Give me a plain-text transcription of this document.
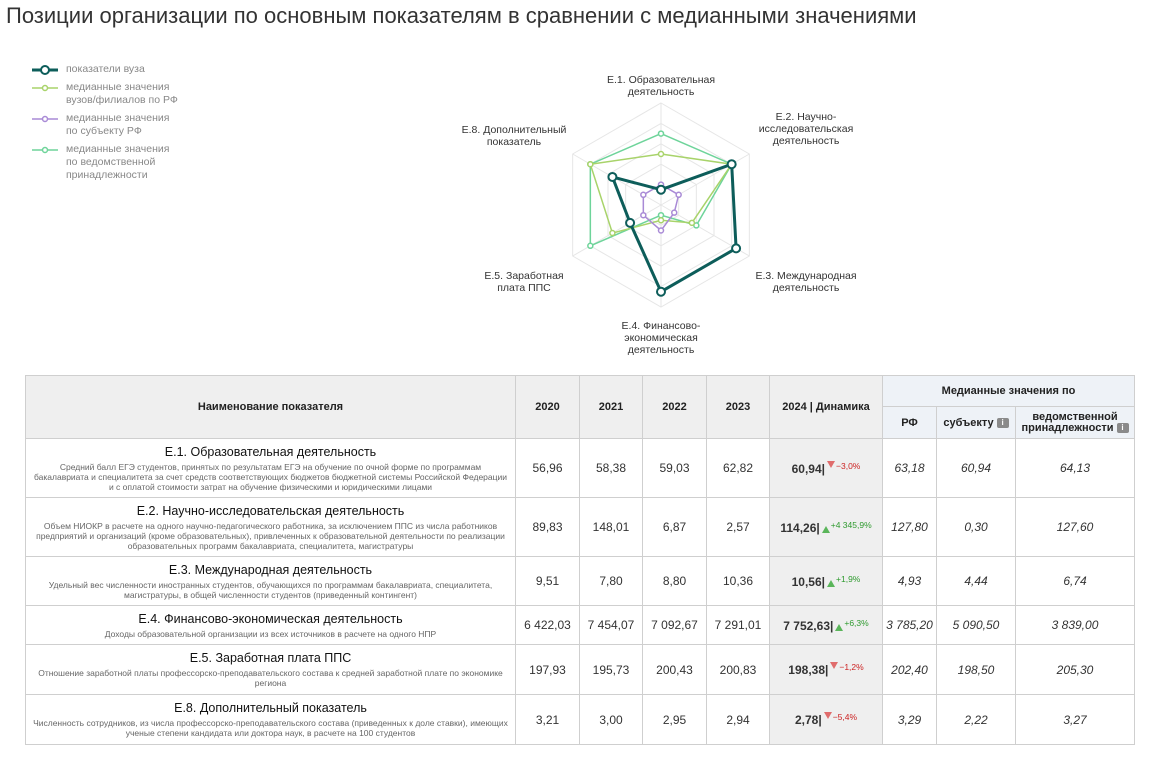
Позиции организации по основным показателям в сравнении с медианными значениями
показатели вуза
медианные значения вузов/филиалов по РФ
медианные значения по субъекту РФ
медианные значения по ведомственной принадлежности
Е.1. Образовательная
деятельность
Е.2. Научно-
исследовательская
деятельность
Е.3. Международная
деятельность
Е.4. Финансово-
экономическая
деятельность
Е.5. Заработная
плата ППС
Е.8. Дополнительный
показатель
Наименование показателя	2020	2021	2022	2023	2024 | Динамика	Медианные значения по		
						РФ	субъекту i	ведомственной принадлежности i

Е.1. Образовательная деятельность
Средний балл ЕГЭ студентов, принятых по результатам ЕГЭ на обучение по очной форме по программам бакалавриата и специалитета за счет средств соответствующих бюджетов бюджетной системы Российской Федерации и с оплатой стоимости затрат на обучение физическими и юридическими лицами	56,96	58,38	59,03	62,82	60,94| $^{-3,0\%}$	63,18	60,94	64,13

Е.2. Научно-исследовательская деятельность
Объем НИОКР в расчете на одного научно-педагогического работника, за исключением ППС из числа работников предприятий и организаций (кроме образовательных), привлеченных к образовательной деятельности по реализации образовательных программ бакалавриата, специалитета, магистратуры	89,83	148,01	6,87	2,57	114,26| $^{+4 345,9\%}$	127,80	0,30	127,60

Е.3. Международная деятельность
Удельный вес численности иностранных студентов, обучающихся по программам бакалавриата, специалитета, магистратуры, в общей численности студентов (приведенный контингент)	9,51	7,80	8,80	10,36	10,56| $^{+1,9\%}$	4,93	4,44	6,74

Е.4. Финансово-экономическая деятельность
Доходы образовательной организации из всех источников в расчете на одного НПР	6 422,03	7 454,07	7 092,67	7 291,01	7 752,63| $^{+6,3\%}$	3 785,20	5 090,50	3 839,00

Е.5. Заработная плата ППС
Отношение заработной платы профессорско-преподавательского состава к средней заработной плате по экономике региона	197,93	195,73	200,43	200,83	198,38| $^{-1,2\%}$	202,40	198,50	205,30

Е.8. Дополнительный показатель
Численность сотрудников, из числа профессорско-преподавательского состава (приведенных к доле ставки), имеющих ученые степени кандидата или доктора наук, в расчете на 100 студентов	3,21	3,00	2,95	2,94	2,78| $^{-5,4\%}$	3,29	2,22	3,27
